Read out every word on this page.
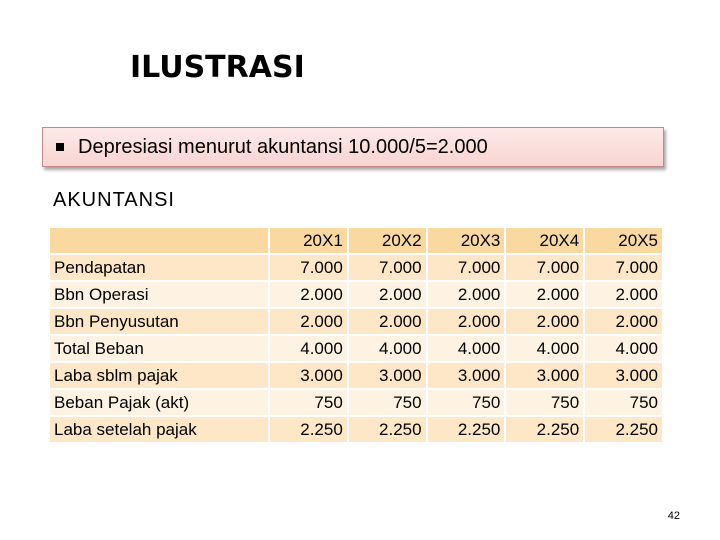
ILUSTRASI
Depresiasi menurut akuntansi 10.000/5=2.000
AKUNTANSI
	20X1	20X2	20X3	20X4	20X5
Pendapatan	7.000	7.000	7.000	7.000	7.000
Bbn Operasi	2.000	2.000	2.000	2.000	2.000
Bbn Penyusutan	2.000	2.000	2.000	2.000	2.000
Total Beban	4.000	4.000	4.000	4.000	4.000
Laba sblm pajak	3.000	3.000	3.000	3.000	3.000
Beban Pajak (akt)	750	750	750	750	750
Laba setelah pajak	2.250	2.250	2.250	2.250	2.250
42
